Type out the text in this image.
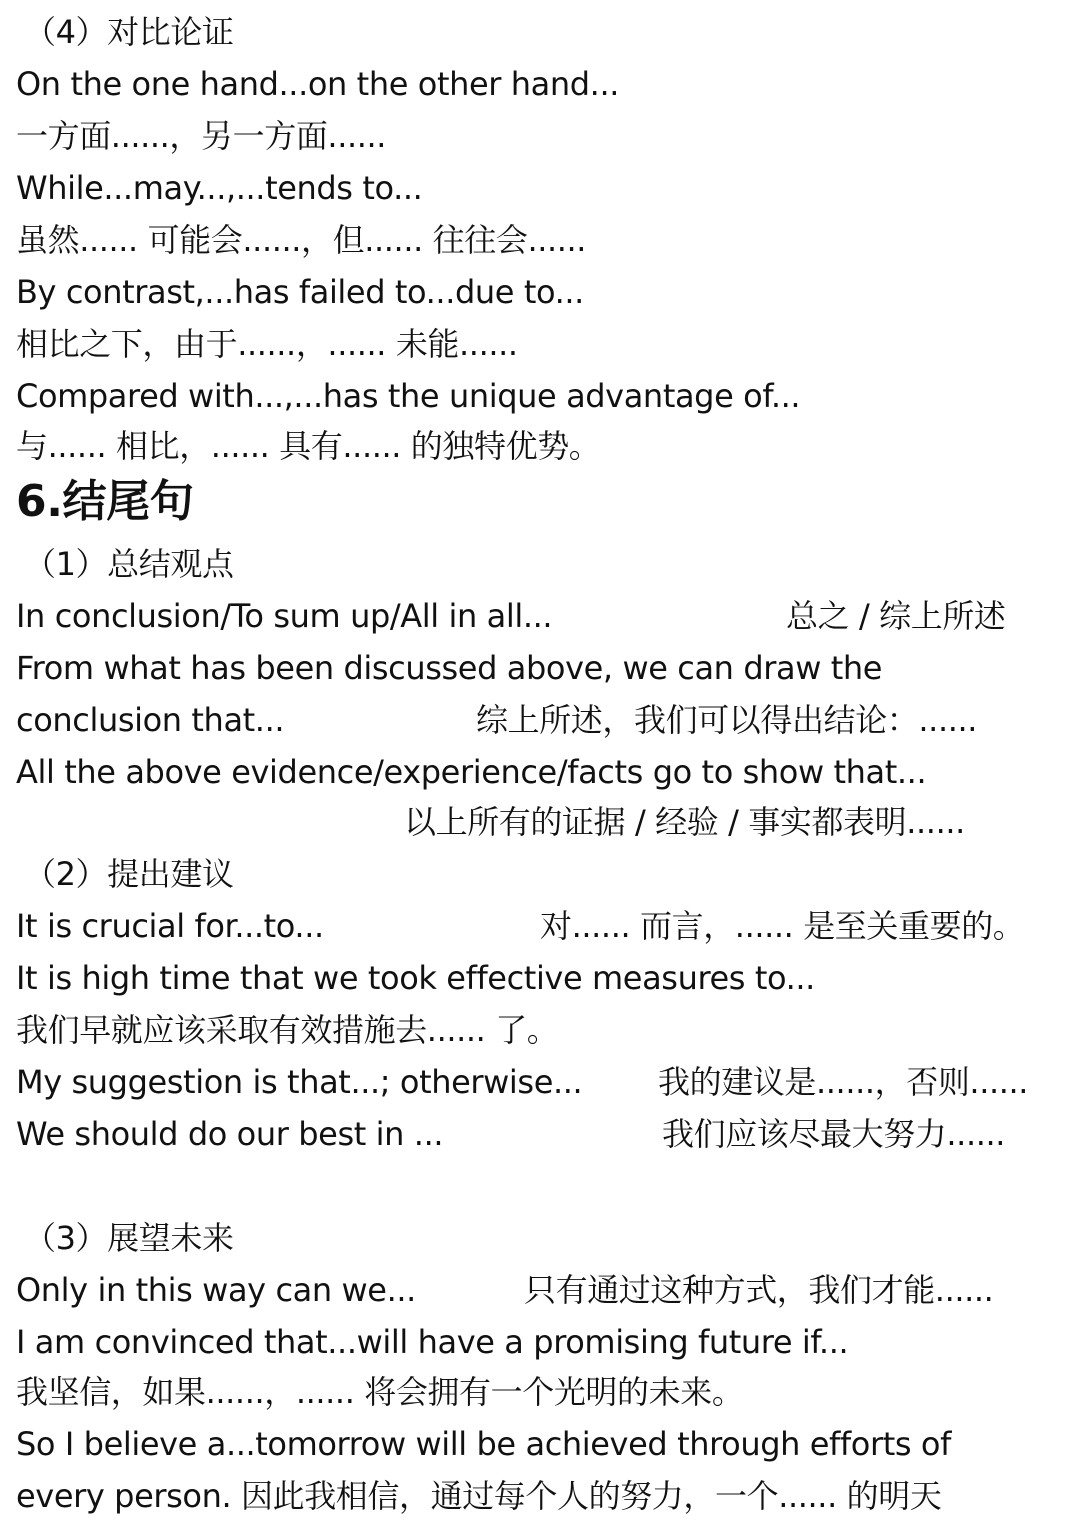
（4）对比论证
On the one hand...on the other hand...
一方面......，另一方面......
While...may...,...tends to...
虽然...... 可能会......，但...... 往往会......
By contrast,...has failed to...due to...
相比之下，由于......，...... 未能......
Compared with...,...has the unique advantage of...
与...... 相比，...... 具有...... 的独特优势。
6.结尾句
（1）总结观点
In conclusion/To sum up/All in all...	总之 / 综上所述
From what has been discussed above, we can draw the
conclusion that...	综上所述，我们可以得出结论：......
All the above evidence/experience/facts go to show that...
以上所有的证据 / 经验 / 事实都表明......
（2）提出建议
It is crucial for...to...	对...... 而言，...... 是至关重要的。
It is high time that we took effective measures to...
我们早就应该采取有效措施去...... 了。
My suggestion is that...; otherwise... 我的建议是......，否则......
We should do our best in ...	我们应该尽最大努力......
（3）展望未来
Only in this way can we...	只有通过这种方式，我们才能......
I am convinced that...will have a promising future if...
我坚信，如果......，...... 将会拥有一个光明的未来。
So I believe a...tomorrow will be achieved through efforts of
every person. 因此我相信，通过每个人的努力，一个...... 的明天
